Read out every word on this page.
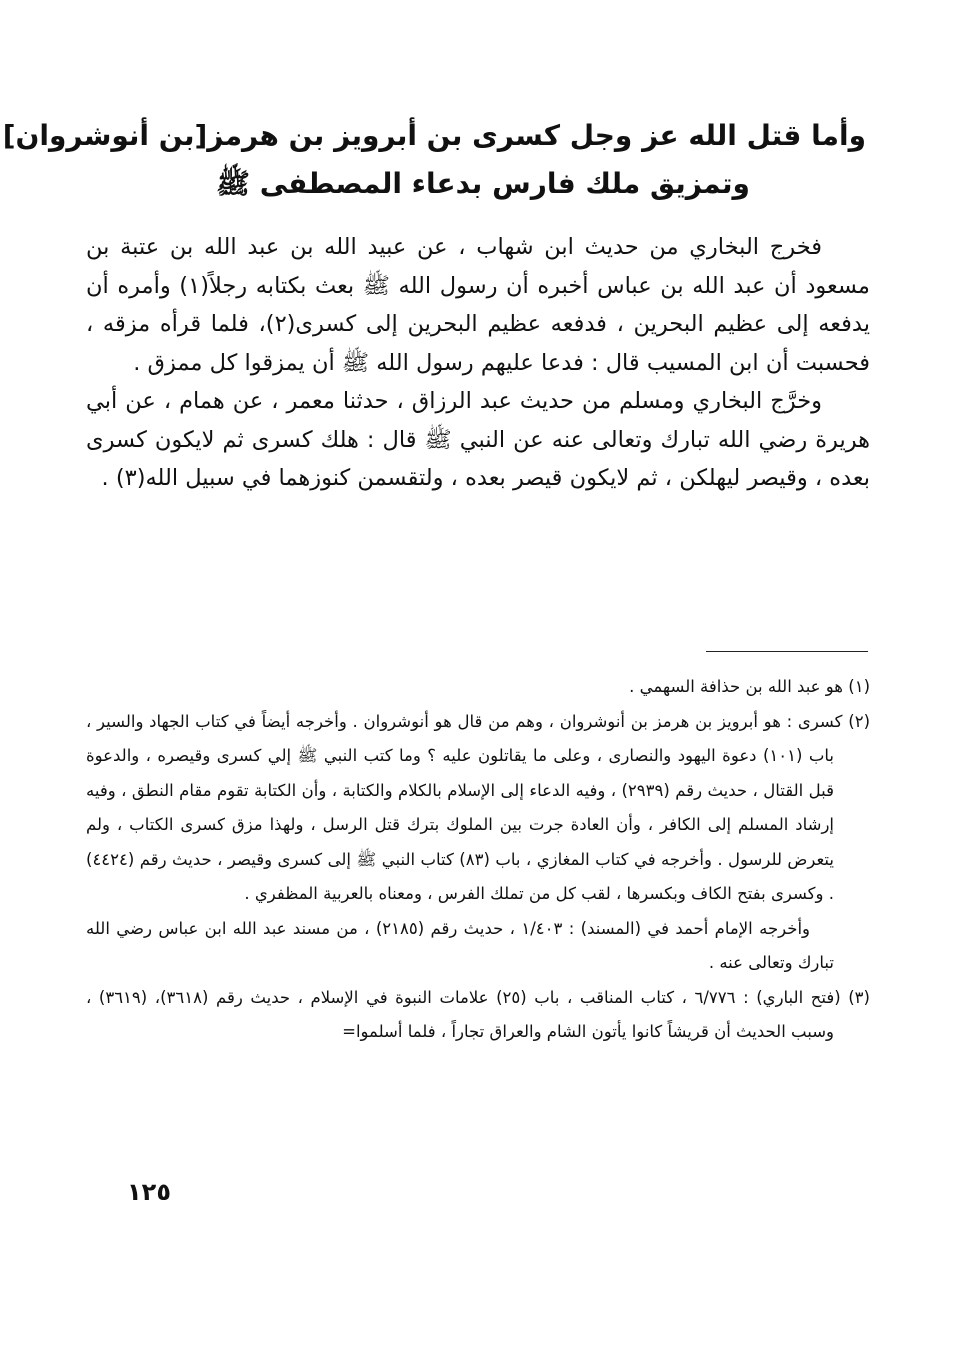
وأما قتل الله عز وجل كسرى بن أبرويز بن هرمز[بن أنوشروان]
وتمزيق ملك فارس بدعاء المصطفى ﷺ

فخرج البخاري من حديث ابن شهاب ، عن عبيد الله بن عبد الله بن عتبة بن مسعود أن عبد الله بن عباس أخبره أن رسول الله ﷺ بعث بكتابه رجلاً(١) وأمره أن يدفعه إلى عظيم البحرين ، فدفعه عظيم البحرين إلى كسرى(٢)، فلما قرأه مزقه ، فحسبت أن ابن المسيب قال : فدعا عليهم رسول الله ﷺ أن يمزقوا كل ممزق .

وخرَّج البخاري ومسلم من حديث عبد الرزاق ، حدثنا معمر ، عن همام ، عن أبي هريرة رضي الله تبارك وتعالى عنه عن النبي ﷺ قال : هلك كسرى ثم لايكون كسرى بعده ، وقيصر ليهلكن ، ثم لايكون قيصر بعده ، ولتقسمن كنوزهما في سبيل الله(٣) .

(١) هو عبد الله بن حذافة السهمي .

(٢) كسرى : هو أبرويز بن هرمز بن أنوشروان ، وهم من قال هو أنوشروان . وأخرجه أيضاً في كتاب الجهاد والسير ، باب (١٠١) دعوة اليهود والنصارى ، وعلى ما يقاتلون عليه ؟ وما كتب النبي ﷺ إلي كسرى وقيصره ، والدعوة قبل القتال ، حديث رقم (٢٩٣٩) ، وفيه الدعاء إلى الإسلام بالكلام والكتابة ، وأن الكتابة تقوم مقام النطق ، وفيه إرشاد المسلم إلى الكافر ، وأن العادة جرت بين الملوك بترك قتل الرسل ، ولهذا مزق كسرى الكتاب ، ولم يتعرض للرسول . وأخرجه في كتاب المغازي ، باب (٨٣) كتاب النبي ﷺ إلى كسرى وقيصر ، حديث رقم (٤٤٢٤) . وكسرى بفتح الكاف وبكسرها ، لقب كل من تملك الفرس ، ومعناه بالعربية المظفري .

وأخرجه الإمام أحمد في (المسند) : ١/٤٠٣ ، حديث رقم (٢١٨٥) ، من مسند عبد الله ابن عباس رضي الله تبارك وتعالى عنه .

(٣) (فتح الباري) : ٦/٧٧٦ ، كتاب المناقب ، باب (٢٥) علامات النبوة في الإسلام ، حديث رقم (٣٦١٨)، (٣٦١٩) ، وسبب الحديث أن قريشاً كانوا يأتون الشام والعراق تجاراً ، فلما أسلموا=

١٢٥
